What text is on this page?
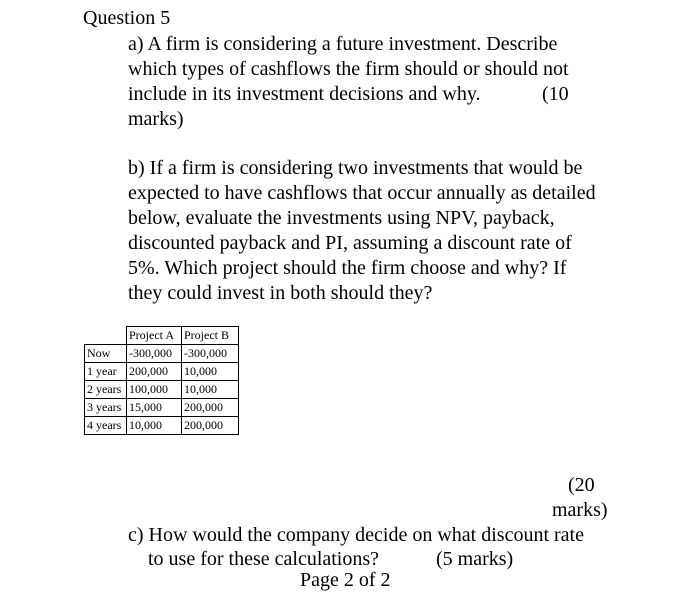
Question 5
a) A firm is considering a future investment. Describe
which types of cashflows the firm should or should not
include in its investment decisions and why.	(10
marks)
b) If a firm is considering two investments that would be
expected to have cashflows that occur annually as detailed
below, evaluate the investments using NPV, payback,
discounted payback and PI, assuming a discount rate of
5%. Which project should the firm choose and why? If
they could invest in both should they?
	Project A	Project B
Now	-300,000	-300,000
1 year	200,000	10,000
2 years	100,000	10,000
3 years	15,000	200,000
4 years	10,000	200,000
(20
marks)
c) How would the company decide on what discount rate
to use for these calculations?	(5 marks)
Page 2 of 2
